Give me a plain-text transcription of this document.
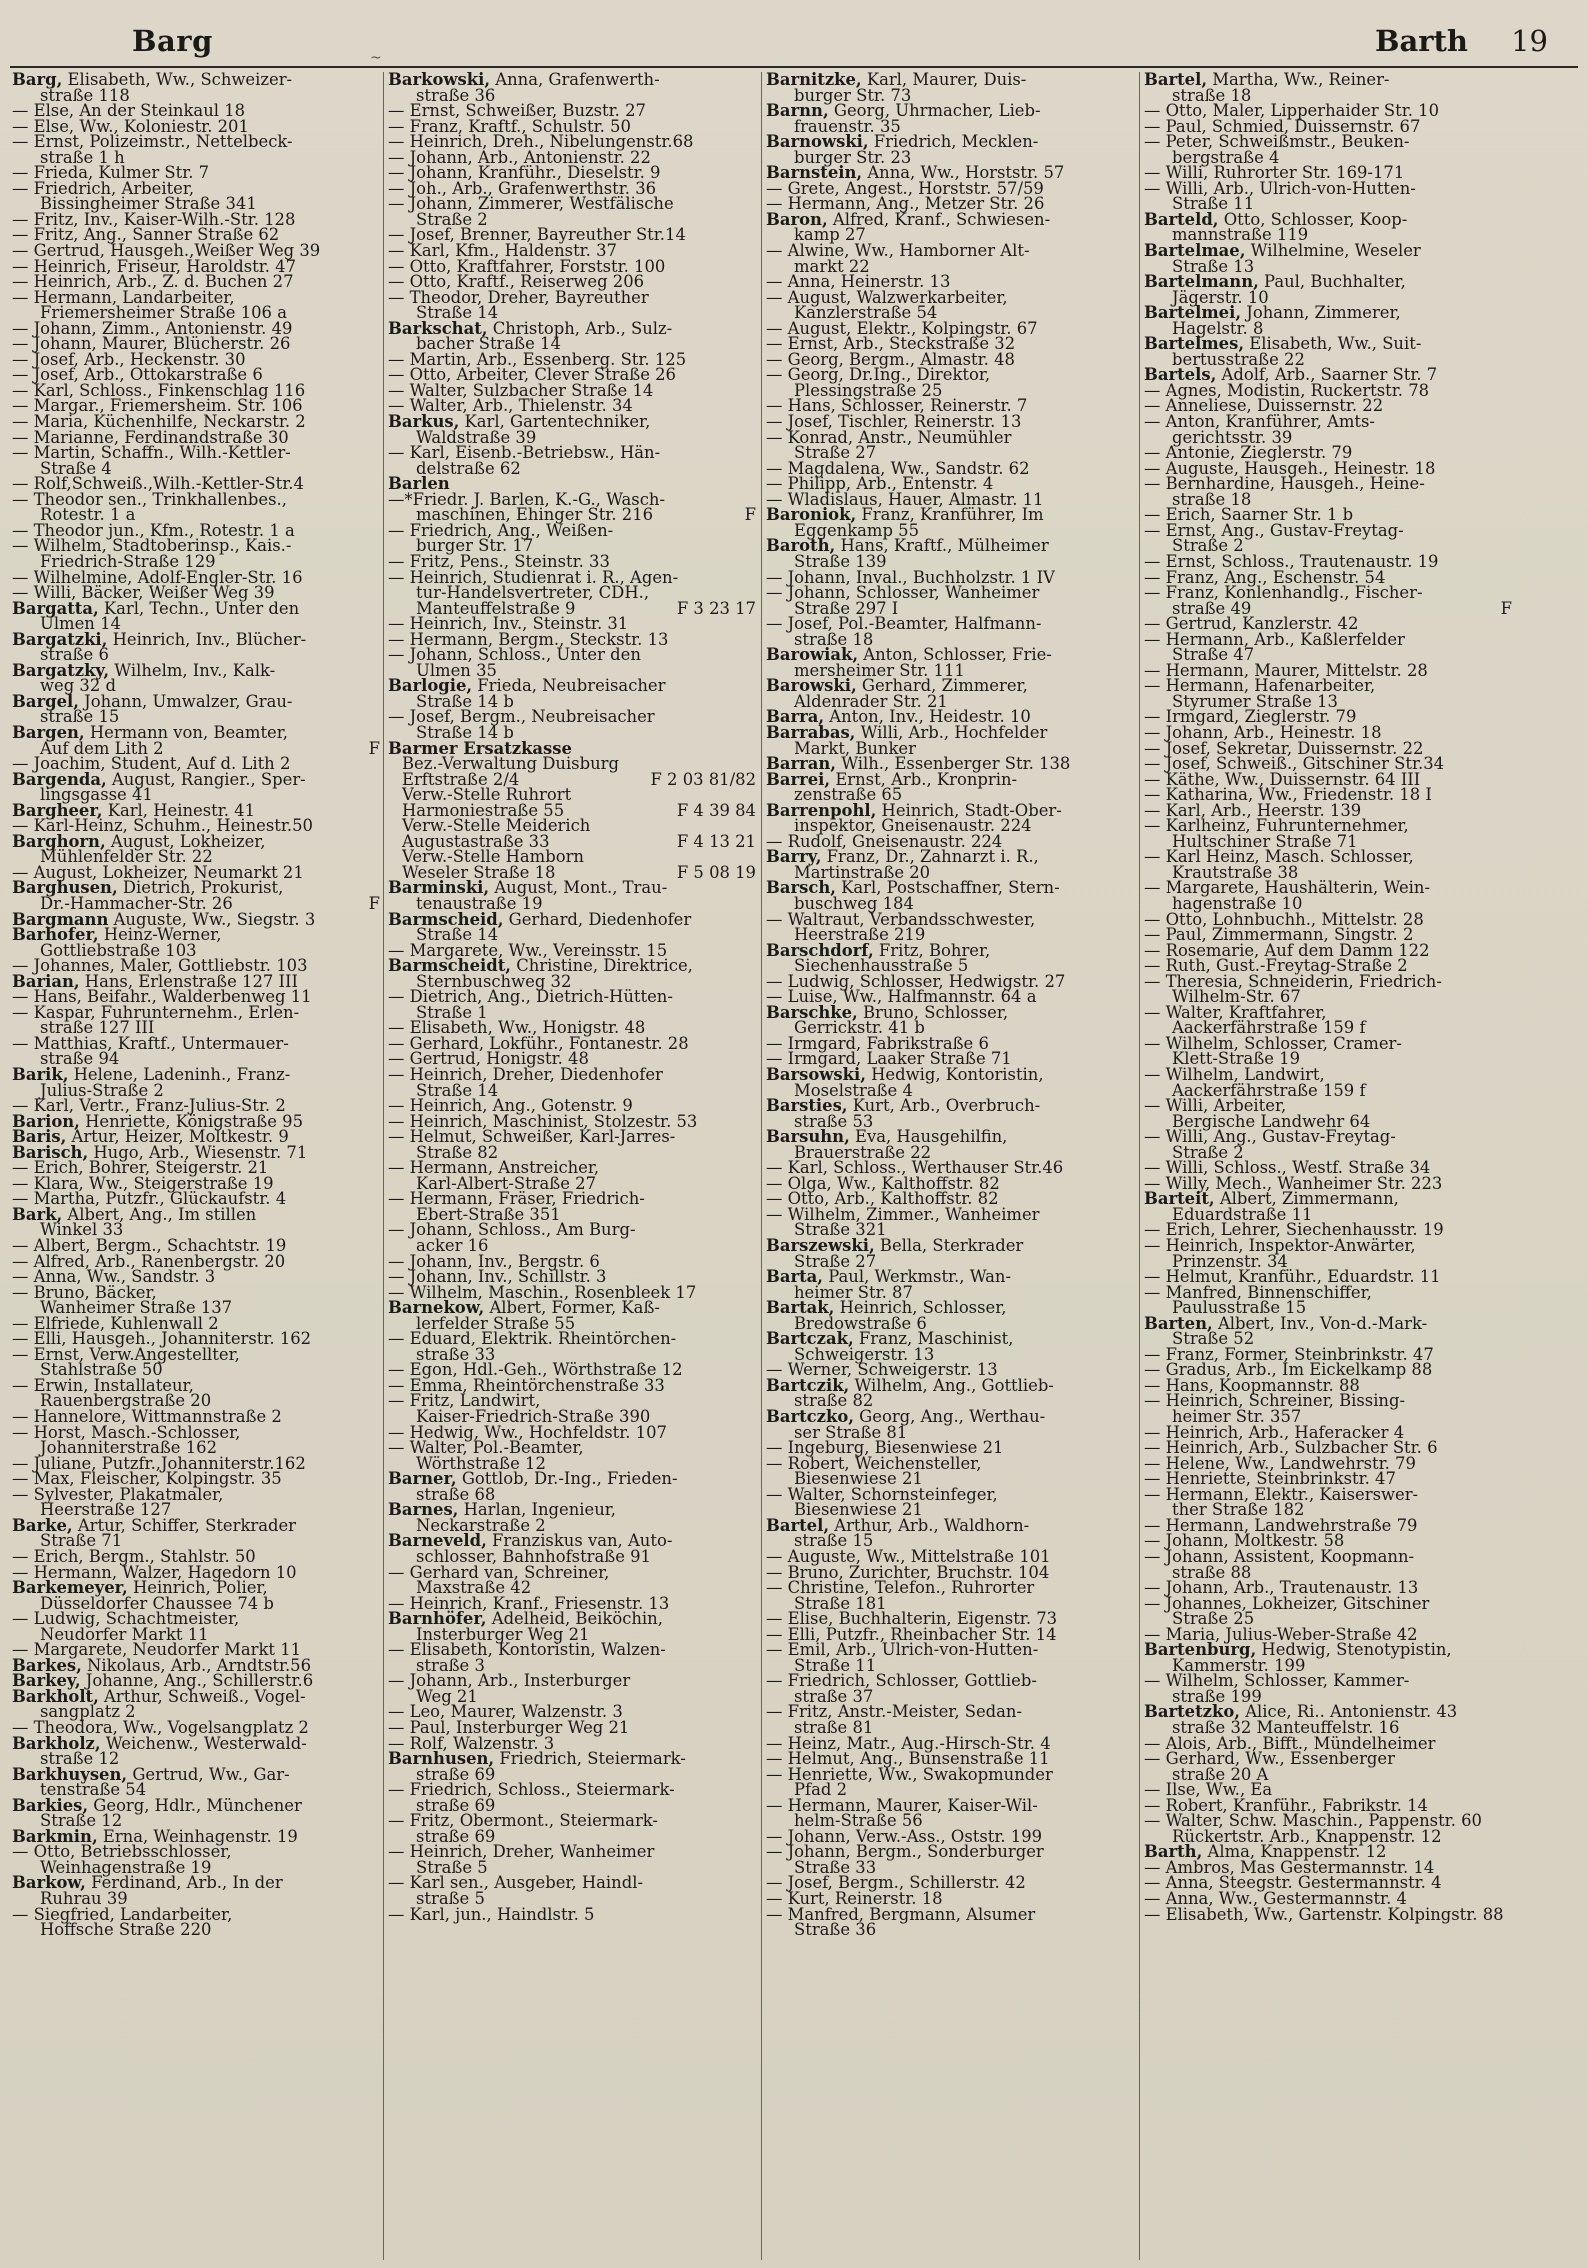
Barg	~	Barth 19
Barg, Elisabeth, Ww., Schweizer-
straße 118
— Else, An der Steinkaul 18
— Else, Ww., Koloniestr. 201
— Ernst, Polizeimstr., Nettelbeck-
straße 1 h
— Frieda, Kulmer Str. 7
— Friedrich, Arbeiter,
Bissingheimer Straße 341
— Fritz, Inv., Kaiser-Wilh.-Str. 128
— Fritz, Ang., Sanner Straße 62
— Gertrud, Hausgeh.,Weißer Weg 39
— Heinrich, Friseur, Haroldstr. 47
— Heinrich, Arb., Z. d. Buchen 27
— Hermann, Landarbeiter,
Friemersheimer Straße 106 a
— Johann, Zimm., Antonienstr. 49
— Johann, Maurer, Blücherstr. 26
— Josef, Arb., Heckenstr. 30
— Josef, Arb., Ottokarstraße 6
— Karl, Schloss., Finkenschlag 116
— Margar., Friemersheim. Str. 106
— Maria, Küchenhilfe, Neckarstr. 2
— Marianne, Ferdinandstraße 30
— Martin, Schaffn., Wilh.-Kettler-
Straße 4
— Rolf,Schweiß.,Wilh.-Kettler-Str.4
— Theodor sen., Trinkhallenbes.,
Rotestr. 1 a
— Theodor jun., Kfm., Rotestr. 1 a
— Wilhelm, Stadtoberinsp., Kais.-
Friedrich-Straße 129
— Wilhelmine, Adolf-Engler-Str. 16
— Willi, Bäcker, Weißer Weg 39
Bargatta, Karl, Techn., Unter den
Ulmen 14
Bargatzki, Heinrich, Inv., Blücher-
straße 6
Bargatzky, Wilhelm, Inv., Kalk-
weg 32 d
Bargel, Johann, Umwalzer, Grau-
straße 15
Bargen, Hermann von, Beamter,
F
Auf dem Lith 2
— Joachim, Student, Auf d. Lith 2
Bargenda, August, Rangier., Sper-
lingsgasse 41
Bargheer, Karl, Heinestr. 41
— Karl-Heinz, Schuhm., Heinestr.50
Barghorn, August, Lokheizer,
Mühlenfelder Str. 22
— August, Lokheizer, Neumarkt 21
Barghusen, Dietrich, Prokurist,
F
Dr.-Hammacher-Str. 26
Bargmann Auguste, Ww., Siegstr. 3
Barhofer, Heinz-Werner,
Gottliebstraße 103
— Johannes, Maler, Gottliebstr. 103
Barian, Hans, Erlenstraße 127 III
— Hans, Beifahr., Walderbenweg 11
— Kaspar, Fuhrunternehm., Erlen-
straße 127 III
— Matthias, Kraftf., Untermauer-
straße 94
Barik, Helene, Ladeninh., Franz-
Julius-Straße 2
— Karl, Vertr., Franz-Julius-Str. 2
Barion, Henriette, Königstraße 95
Baris, Artur, Heizer, Moltkestr. 9
Barisch, Hugo, Arb., Wiesenstr. 71
— Erich, Bohrer, Steigerstr. 21
— Klara, Ww., Steigerstraße 19
— Martha, Putzfr., Glückaufstr. 4
Bark, Albert, Ang., Im stillen
Winkel 33
— Albert, Bergm., Schachtstr. 19
— Alfred, Arb., Ranenbergstr. 20
— Anna, Ww., Sandstr. 3
— Bruno, Bäcker,
Wanheimer Straße 137
— Elfriede, Kuhlenwall 2
— Elli, Hausgeh., Johanniterstr. 162
— Ernst, Verw.Angestellter,
Stahlstraße 50
— Erwin, Installateur,
Rauenbergstraße 20
— Hannelore, Wittmannstraße 2
— Horst, Masch.-Schlosser,
Johanniterstraße 162
— Juliane, Putzfr.,Johanniterstr.162
— Max, Fleischer, Kolpingstr. 35
— Sylvester, Plakatmaler,
Heerstraße 127
Barke, Artur, Schiffer, Sterkrader
Straße 71
— Erich, Bergm., Stahlstr. 50
— Hermann, Walzer, Hagedorn 10
Barkemeyer, Heinrich, Polier,
Düsseldorfer Chaussee 74 b
— Ludwig, Schachtmeister,
Neudorfer Markt 11
— Margarete, Neudorfer Markt 11
Barkes, Nikolaus, Arb., Arndtstr.56
Barkey, Johanne, Ang., Schillerstr.6
Barkholt, Arthur, Schweiß., Vogel-
sangplatz 2
— Theodora, Ww., Vogelsangplatz 2
Barkholz, Weichenw., Westerwald-
straße 12
Barkhuysen, Gertrud, Ww., Gar-
tenstraße 54
Barkies, Georg, Hdlr., Münchener
Straße 12
Barkmin, Erna, Weinhagenstr. 19
— Otto, Betriebsschlosser,
Weinhagenstraße 19
Barkow, Ferdinand, Arb., In der
Ruhrau 39
— Siegfried, Landarbeiter,
Hoffsche Straße 220
Barkowski, Anna, Grafenwerth-
straße 36
— Ernst, Schweißer, Buzstr. 27
— Franz, Kraftf., Schulstr. 50
— Heinrich, Dreh., Nibelungenstr.68
— Johann, Arb., Antonienstr. 22
— Johann, Kranführ., Dieselstr. 9
— Joh., Arb., Grafenwerthstr. 36
— Johann, Zimmerer, Westfälische
Straße 2
— Josef, Brenner, Bayreuther Str.14
— Karl, Kfm., Haldenstr. 37
— Otto, Kraftfahrer, Forststr. 100
— Otto, Kraftf., Reiserweg 206
— Theodor, Dreher, Bayreuther
Straße 14
Barkschat, Christoph, Arb., Sulz-
bacher Straße 14
— Martin, Arb., Essenberg. Str. 125
— Otto, Arbeiter, Clever Straße 26
— Walter, Sulzbacher Straße 14
— Walter, Arb., Thielenstr. 34
Barkus, Karl, Gartentechniker,
Waldstraße 39
— Karl, Eisenb.-Betriebsw., Hän-
delstraße 62
Barlen
—*Friedr. J. Barlen, K.-G., Wasch-
F
maschinen, Ehinger Str. 216
— Friedrich, Ang., Weißen-
burger Str. 17
— Fritz, Pens., Steinstr. 33
— Heinrich, Studienrat i. R., Agen-
tur-Handelsvertreter, CDH.,
F 3 23 17
Manteuffelstraße 9
— Heinrich, Inv., Steinstr. 31
— Hermann, Bergm., Steckstr. 13
— Johann, Schloss., Unter den
Ulmen 35
Barlogie, Frieda, Neubreisacher
Straße 14 b
— Josef, Bergm., Neubreisacher
Straße 14 b
Barmer Ersatzkasse
Bez.-Verwaltung Duisburg
F 2 03 81/82
Erftstraße 2/4
Verw.-Stelle Ruhrort
F 4 39 84
Harmoniestraße 55
Verw.-Stelle Meiderich
F 4 13 21
Augustastraße 33
Verw.-Stelle Hamborn
F 5 08 19
Weseler Straße 18
Barminski, August, Mont., Trau-
tenaustraße 19
Barmscheid, Gerhard, Diedenhofer
Straße 14
— Margarete, Ww., Vereinsstr. 15
Barmscheidt, Christine, Direktrice,
Sternbuschweg 32
— Dietrich, Ang., Dietrich-Hütten-
Straße 1
— Elisabeth, Ww., Honigstr. 48
— Gerhard, Lokführ., Fontanestr. 28
— Gertrud, Honigstr. 48
— Heinrich, Dreher, Diedenhofer
Straße 14
— Heinrich, Ang., Gotenstr. 9
— Heinrich, Maschinist, Stolzestr. 53
— Helmut, Schweißer, Karl-Jarres-
Straße 82
— Hermann, Anstreicher,
Karl-Albert-Straße 27
— Hermann, Fräser, Friedrich-
Ebert-Straße 351
— Johann, Schloss., Am Burg-
acker 16
— Johann, Inv., Bergstr. 6
— Johann, Inv., Schillstr. 3
— Wilhelm, Maschin., Rosenbleek 17
Barnekow, Albert, Former, Kaß-
lerfelder Straße 55
— Eduard, Elektrik. Rheintörchen-
straße 33
— Egon, Hdl.-Geh., Wörthstraße 12
— Emma, Rheintörchenstraße 33
— Fritz, Landwirt,
Kaiser-Friedrich-Straße 390
— Hedwig, Ww., Hochfeldstr. 107
— Walter, Pol.-Beamter,
Wörthstraße 12
Barner, Gottlob, Dr.-Ing., Frieden-
straße 68
Barnes, Harlan, Ingenieur,
Neckarstraße 2
Barneveld, Franziskus van, Auto-
schlosser, Bahnhofstraße 91
— Gerhard van, Schreiner,
Maxstraße 42
— Heinrich, Kranf., Friesenstr. 13
Barnhöfer, Adelheid, Beiköchin,
Insterburger Weg 21
— Elisabeth, Kontoristin, Walzen-
straße 3
— Johann, Arb., Insterburger
Weg 21
— Leo, Maurer, Walzenstr. 3
— Paul, Insterburger Weg 21
— Rolf, Walzenstr. 3
Barnhusen, Friedrich, Steiermark-
straße 69
— Friedrich, Schloss., Steiermark-
straße 69
— Fritz, Obermont., Steiermark-
straße 69
— Heinrich, Dreher, Wanheimer
Straße 5
— Karl sen., Ausgeber, Haindl-
straße 5
— Karl, jun., Haindlstr. 5
Barnitzke, Karl, Maurer, Duis-
burger Str. 73
Barnn, Georg, Uhrmacher, Lieb-
frauenstr. 35
Barnowski, Friedrich, Mecklen-
burger Str. 23
Barnstein, Anna, Ww., Horststr. 57
— Grete, Angest., Horststr. 57/59
— Hermann, Ang., Metzer Str. 26
Baron, Alfred, Kranf., Schwiesen-
kamp 27
— Alwine, Ww., Hamborner Alt-
markt 22
— Anna, Heinerstr. 13
— August, Walzwerkarbeiter,
Kanzlerstraße 54
— August, Elektr., Kolpingstr. 67
— Ernst, Arb., Steckstraße 32
— Georg, Bergm., Almastr. 48
— Georg, Dr.Ing., Direktor,
Plessingstraße 25
— Hans, Schlosser, Reinerstr. 7
— Josef, Tischler, Reinerstr. 13
— Konrad, Anstr., Neumühler
Straße 27
— Magdalena, Ww., Sandstr. 62
— Philipp, Arb., Entenstr. 4
— Wladislaus, Hauer, Almastr. 11
Baroniok, Franz, Kranführer, Im
Eggenkamp 55
Baroth, Hans, Kraftf., Mülheimer
Straße 139
— Johann, Inval., Buchholzstr. 1 IV
— Johann, Schlosser, Wanheimer
Straße 297 I
— Josef, Pol.-Beamter, Halfmann-
straße 18
Barowiak, Anton, Schlosser, Frie-
mersheimer Str. 111
Barowski, Gerhard, Zimmerer,
Aldenrader Str. 21
Barra, Anton, Inv., Heidestr. 10
Barrabas, Willi, Arb., Hochfelder
Markt, Bunker
Barran, Wilh., Essenberger Str. 138
Barrei, Ernst, Arb., Kronprin-
zenstraße 65
Barrenpohl, Heinrich, Stadt-Ober-
inspektor, Gneisenaustr. 224
— Rudolf, Gneisenaustr. 224
Barry, Franz, Dr., Zahnarzt i. R.,
Martinstraße 20
Barsch, Karl, Postschaffner, Stern-
buschweg 184
— Waltraut, Verbandsschwester,
Heerstraße 219
Barschdorf, Fritz, Bohrer,
Siechenhausstraße 5
— Ludwig, Schlosser, Hedwigstr. 27
— Luise, Ww., Halfmannstr. 64 a
Barschke, Bruno, Schlosser,
Gerrickstr. 41 b
— Irmgard, Fabrikstraße 6
— Irmgard, Laaker Straße 71
Barsowski, Hedwig, Kontoristin,
Moselstraße 4
Barsties, Kurt, Arb., Overbruch-
straße 53
Barsuhn, Eva, Hausgehilfin,
Brauerstraße 22
— Karl, Schloss., Werthauser Str.46
— Olga, Ww., Kalthoffstr. 82
— Otto, Arb., Kalthoffstr. 82
— Wilhelm, Zimmer., Wanheimer
Straße 321
Barszewski, Bella, Sterkrader
Straße 27
Barta, Paul, Werkmstr., Wan-
heimer Str. 87
Bartak, Heinrich, Schlosser,
Bredowstraße 6
Bartczak, Franz, Maschinist,
Schweigerstr. 13
— Werner, Schweigerstr. 13
Bartczik, Wilhelm, Ang., Gottlieb-
straße 82
Bartczko, Georg, Ang., Werthau-
ser Straße 81
— Ingeburg, Biesenwiese 21
— Robert, Weichensteller,
Biesenwiese 21
— Walter, Schornsteinfeger,
Biesenwiese 21
Bartel, Arthur, Arb., Waldhorn-
straße 15
— Auguste, Ww., Mittelstraße 101
— Bruno, Zurichter, Bruchstr. 104
— Christine, Telefon., Ruhrorter
Straße 181
— Elise, Buchhalterin, Eigenstr. 73
— Elli, Putzfr., Rheinbacher Str. 14
— Emil, Arb., Ulrich-von-Hutten-
Straße 11
— Friedrich, Schlosser, Gottlieb-
straße 37
— Fritz, Anstr.-Meister, Sedan-
straße 81
— Heinz, Matr., Aug.-Hirsch-Str. 4
— Helmut, Ang., Bunsenstraße 11
— Henriette, Ww., Swakopmunder
Pfad 2
— Hermann, Maurer, Kaiser-Wil-
helm-Straße 56
— Johann, Verw.-Ass., Oststr. 199
— Johann, Bergm., Sonderburger
Straße 33
— Josef, Bergm., Schillerstr. 42
— Kurt, Reinerstr. 18
— Manfred, Bergmann, Alsumer
Straße 36
Bartel, Martha, Ww., Reiner-
straße 18
— Otto, Maler, Lipperhaider Str. 10
— Paul, Schmied, Duissernstr. 67
— Peter, Schweißmstr., Beuken-
bergstraße 4
— Willi, Ruhrorter Str. 169-171
— Willi, Arb., Ulrich-von-Hutten-
Straße 11
Barteld, Otto, Schlosser, Koop-
mannstraße 119
Bartelmae, Wilhelmine, Weseler
Straße 13
Bartelmann, Paul, Buchhalter,
Jägerstr. 10
Bartelmei, Johann, Zimmerer,
Hagelstr. 8
Bartelmes, Elisabeth, Ww., Suit-
bertusstraße 22
Bartels, Adolf, Arb., Saarner Str. 7
— Agnes, Modistin, Ruckertstr. 78
— Anneliese, Duissernstr. 22
— Anton, Kranführer, Amts-
gerichtsstr. 39
— Antonie, Zieglerstr. 79
— Auguste, Hausgeh., Heinestr. 18
— Bernhardine, Hausgeh., Heine-
straße 18
— Erich, Saarner Str. 1 b
— Ernst, Ang., Gustav-Freytag-
Straße 2
— Ernst, Schloss., Trautenaustr. 19
— Franz, Ang., Eschenstr. 54
— Franz, Konlenhandlg., Fischer-
F
straße 49
— Gertrud, Kanzlerstr. 42
— Hermann, Arb., Kaßlerfelder
Straße 47
— Hermann, Maurer, Mittelstr. 28
— Hermann, Hafenarbeiter,
Styrumer Straße 13
— Irmgard, Zieglerstr. 79
— Johann, Arb., Heinestr. 18
— Josef, Sekretar, Duissernstr. 22
— Josef, Schweiß., Gitschiner Str.34
— Käthe, Ww., Duissernstr. 64 III
— Katharina, Ww., Friedenstr. 18 I
— Karl, Arb., Heerstr. 139
— Karlheinz, Fuhrunternehmer,
Hultschiner Straße 71
— Karl Heinz, Masch. Schlosser,
Krautstraße 38
— Margarete, Haushälterin, Wein-
hagenstraße 10
— Otto, Lohnbuchh., Mittelstr. 28
— Paul, Zimmermann, Singstr. 2
— Rosemarie, Auf dem Damm 122
— Ruth, Gust.-Freytag-Straße 2
— Theresia, Schneiderin, Friedrich-
Wilhelm-Str. 67
— Walter, Kraftfahrer,
Aackerfährstraße 159 f
— Wilhelm, Schlosser, Cramer-
Klett-Straße 19
— Wilhelm, Landwirt,
Aackerfährstraße 159 f
— Willi, Arbeiter,
Bergische Landwehr 64
— Willi, Ang., Gustav-Freytag-
Straße 2
— Willi, Schloss., Westf. Straße 34
— Willy, Mech., Wanheimer Str. 223
Barteit, Albert, Zimmermann,
Eduardstraße 11
— Erich, Lehrer, Siechenhausstr. 19
— Heinrich, Inspektor-Anwärter,
Prinzenstr. 34
— Helmut, Kranführ., Eduardstr. 11
— Manfred, Binnenschiffer,
Paulusstraße 15
Barten, Albert, Inv., Von-d.-Mark-
Straße 52
— Franz, Former, Steinbrinkstr. 47
— Gradus, Arb., Im Eickelkamp 88
— Hans, Koopmannstr. 88
— Heinrich, Schreiner, Bissing-
heimer Str. 357
— Heinrich, Arb., Haferacker 4
— Heinrich, Arb., Sulzbacher Str. 6
— Helene, Ww., Landwehrstr. 79
— Henriette, Steinbrinkstr. 47
— Hermann, Elektr., Kaiserswer-
ther Straße 182
— Hermann, Landwehrstraße 79
— Johann, Moltkestr. 58
— Johann, Assistent, Koopmann-
straße 88
— Johann, Arb., Trautenaustr. 13
— Johannes, Lokheizer, Gitschiner
Straße 25
— Maria, Julius-Weber-Straße 42
Bartenburg, Hedwig, Stenotypistin,
Kammerstr. 199
— Wilhelm, Schlosser, Kammer-
straße 199
Bartetzko, Alice, Ri.. Antonienstr. 43
straße 32 Manteuffelstr. 16
— Alois, Arb., Bifft., Mündelheimer
— Gerhard, Ww., Essenberger
straße 20 A
— Ilse, Ww., Ea
— Robert, Kranführ., Fabrikstr. 14
— Walter, Schw. Maschin., Pappenstr. 60
Rückertstr. Arb., Knappenstr. 12
Barth, Alma, Knappenstr. 12
— Ambros, Mas Gestermannstr. 14
— Anna, Steegstr. Gestermannstr. 4
— Anna, Ww., Gestermannstr. 4
— Elisabeth, Ww., Gartenstr. Kolpingstr. 88
